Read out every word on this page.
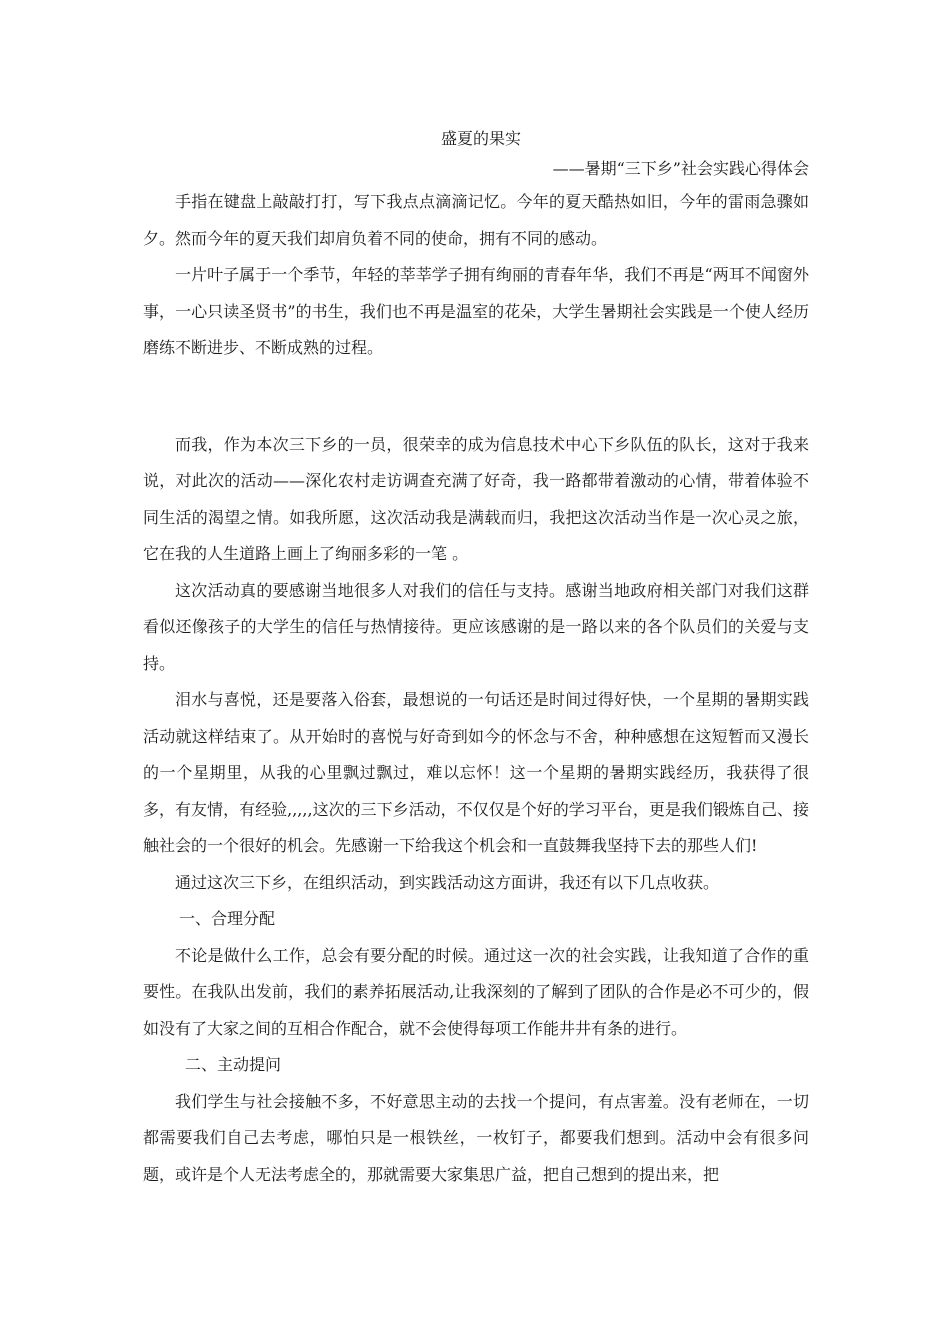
盛夏的果实

——暑期“三下乡”社会实践心得体会

手指在键盘上敲敲打打，写下我点点滴滴记忆。今年的夏天酷热如旧，今年的雷雨急骤如夕。然而今年的夏天我们却肩负着不同的使命，拥有不同的感动。

一片叶子属于一个季节，年轻的莘莘学子拥有绚丽的青春年华，我们不再是“两耳不闻窗外事，一心只读圣贤书”的书生，我们也不再是温室的花朵，大学生暑期社会实践是一个使人经历磨练不断进步、不断成熟的过程。

而我，作为本次三下乡的一员，很荣幸的成为信息技术中心下乡队伍的队长，这对于我来说，对此次的活动——深化农村走访调查充满了好奇，我一路都带着激动的心情，带着体验不同生活的渴望之情。如我所愿，这次活动我是满载而归，我把这次活动当作是一次心灵之旅，它在我的人生道路上画上了绚丽多彩的一笔 。

这次活动真的要感谢当地很多人对我们的信任与支持。感谢当地政府相关部门对我们这群看似还像孩子的大学生的信任与热情接待。更应该感谢的是一路以来的各个队员们的关爱与支持。

泪水与喜悦，还是要落入俗套，最想说的一句话还是时间过得好快，一个星期的暑期实践活动就这样结束了。从开始时的喜悦与好奇到如今的怀念与不舍，种种感想在这短暂而又漫长的一个星期里，从我的心里飘过飘过，难以忘怀！这一个星期的暑期实践经历，我获得了很多，有友情，有经验,,,,,这次的三下乡活动，不仅仅是个好的学习平台，更是我们锻炼自己、接触社会的一个很好的机会。先感谢一下给我这个机会和一直鼓舞我坚持下去的那些人们!

通过这次三下乡，在组织活动，到实践活动这方面讲，我还有以下几点收获。

一、合理分配

不论是做什么工作，总会有要分配的时候。通过这一次的社会实践，让我知道了合作的重要性。在我队出发前，我们的素养拓展活动,让我深刻的了解到了团队的合作是必不可少的，假如没有了大家之间的互相合作配合，就不会使得每项工作能井井有条的进行。

二、主动提问

我们学生与社会接触不多，不好意思主动的去找一个提问，有点害羞。没有老师在，一切都需要我们自己去考虑，哪怕只是一根铁丝，一枚钉子，都要我们想到。活动中会有很多问题，或许是个人无法考虑全的，那就需要大家集思广益，把自己想到的提出来，把
